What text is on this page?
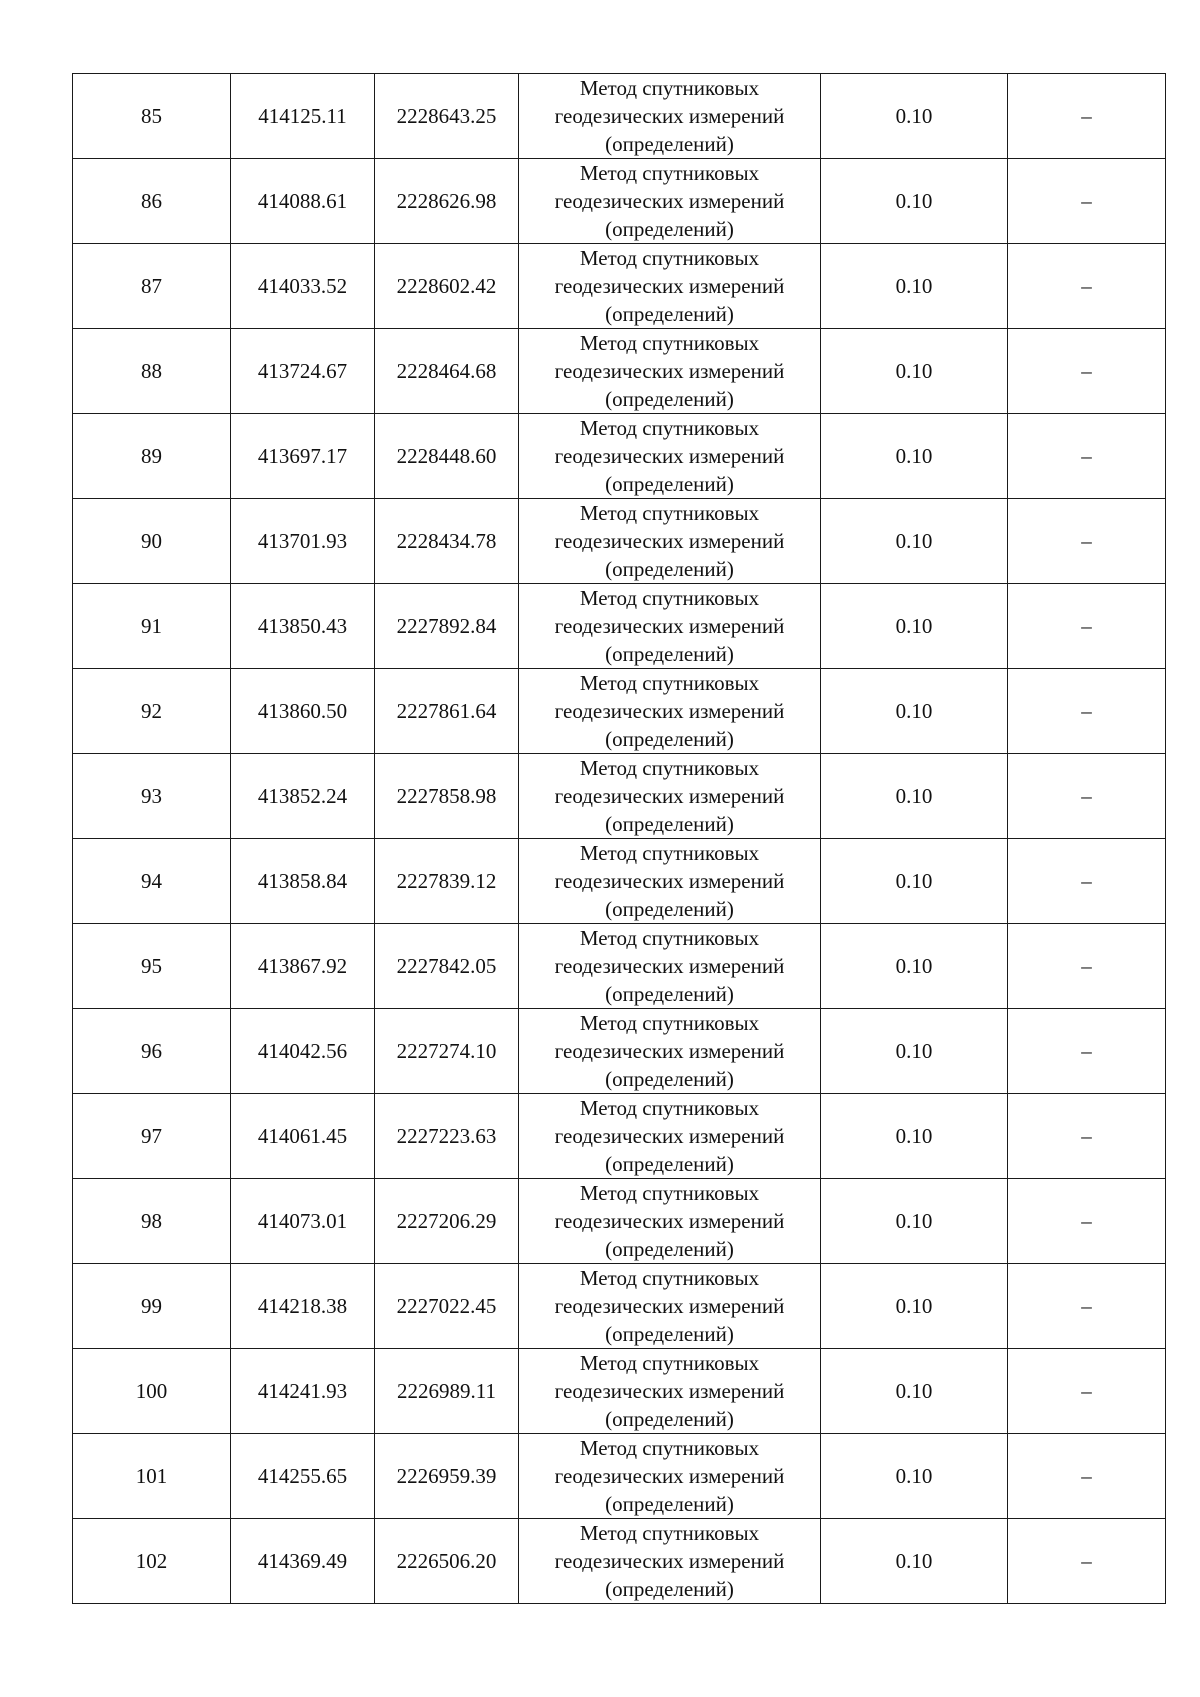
85	414125.11	2228643.25	Метод спутниковых
геодезических измерений
(определений)	0.10	–
86	414088.61	2228626.98	Метод спутниковых
геодезических измерений
(определений)	0.10	–
87	414033.52	2228602.42	Метод спутниковых
геодезических измерений
(определений)	0.10	–
88	413724.67	2228464.68	Метод спутниковых
геодезических измерений
(определений)	0.10	–
89	413697.17	2228448.60	Метод спутниковых
геодезических измерений
(определений)	0.10	–
90	413701.93	2228434.78	Метод спутниковых
геодезических измерений
(определений)	0.10	–
91	413850.43	2227892.84	Метод спутниковых
геодезических измерений
(определений)	0.10	–
92	413860.50	2227861.64	Метод спутниковых
геодезических измерений
(определений)	0.10	–
93	413852.24	2227858.98	Метод спутниковых
геодезических измерений
(определений)	0.10	–
94	413858.84	2227839.12	Метод спутниковых
геодезических измерений
(определений)	0.10	–
95	413867.92	2227842.05	Метод спутниковых
геодезических измерений
(определений)	0.10	–
96	414042.56	2227274.10	Метод спутниковых
геодезических измерений
(определений)	0.10	–
97	414061.45	2227223.63	Метод спутниковых
геодезических измерений
(определений)	0.10	–
98	414073.01	2227206.29	Метод спутниковых
геодезических измерений
(определений)	0.10	–
99	414218.38	2227022.45	Метод спутниковых
геодезических измерений
(определений)	0.10	–
100	414241.93	2226989.11	Метод спутниковых
геодезических измерений
(определений)	0.10	–
101	414255.65	2226959.39	Метод спутниковых
геодезических измерений
(определений)	0.10	–
102	414369.49	2226506.20	Метод спутниковых
геодезических измерений
(определений)	0.10	–
